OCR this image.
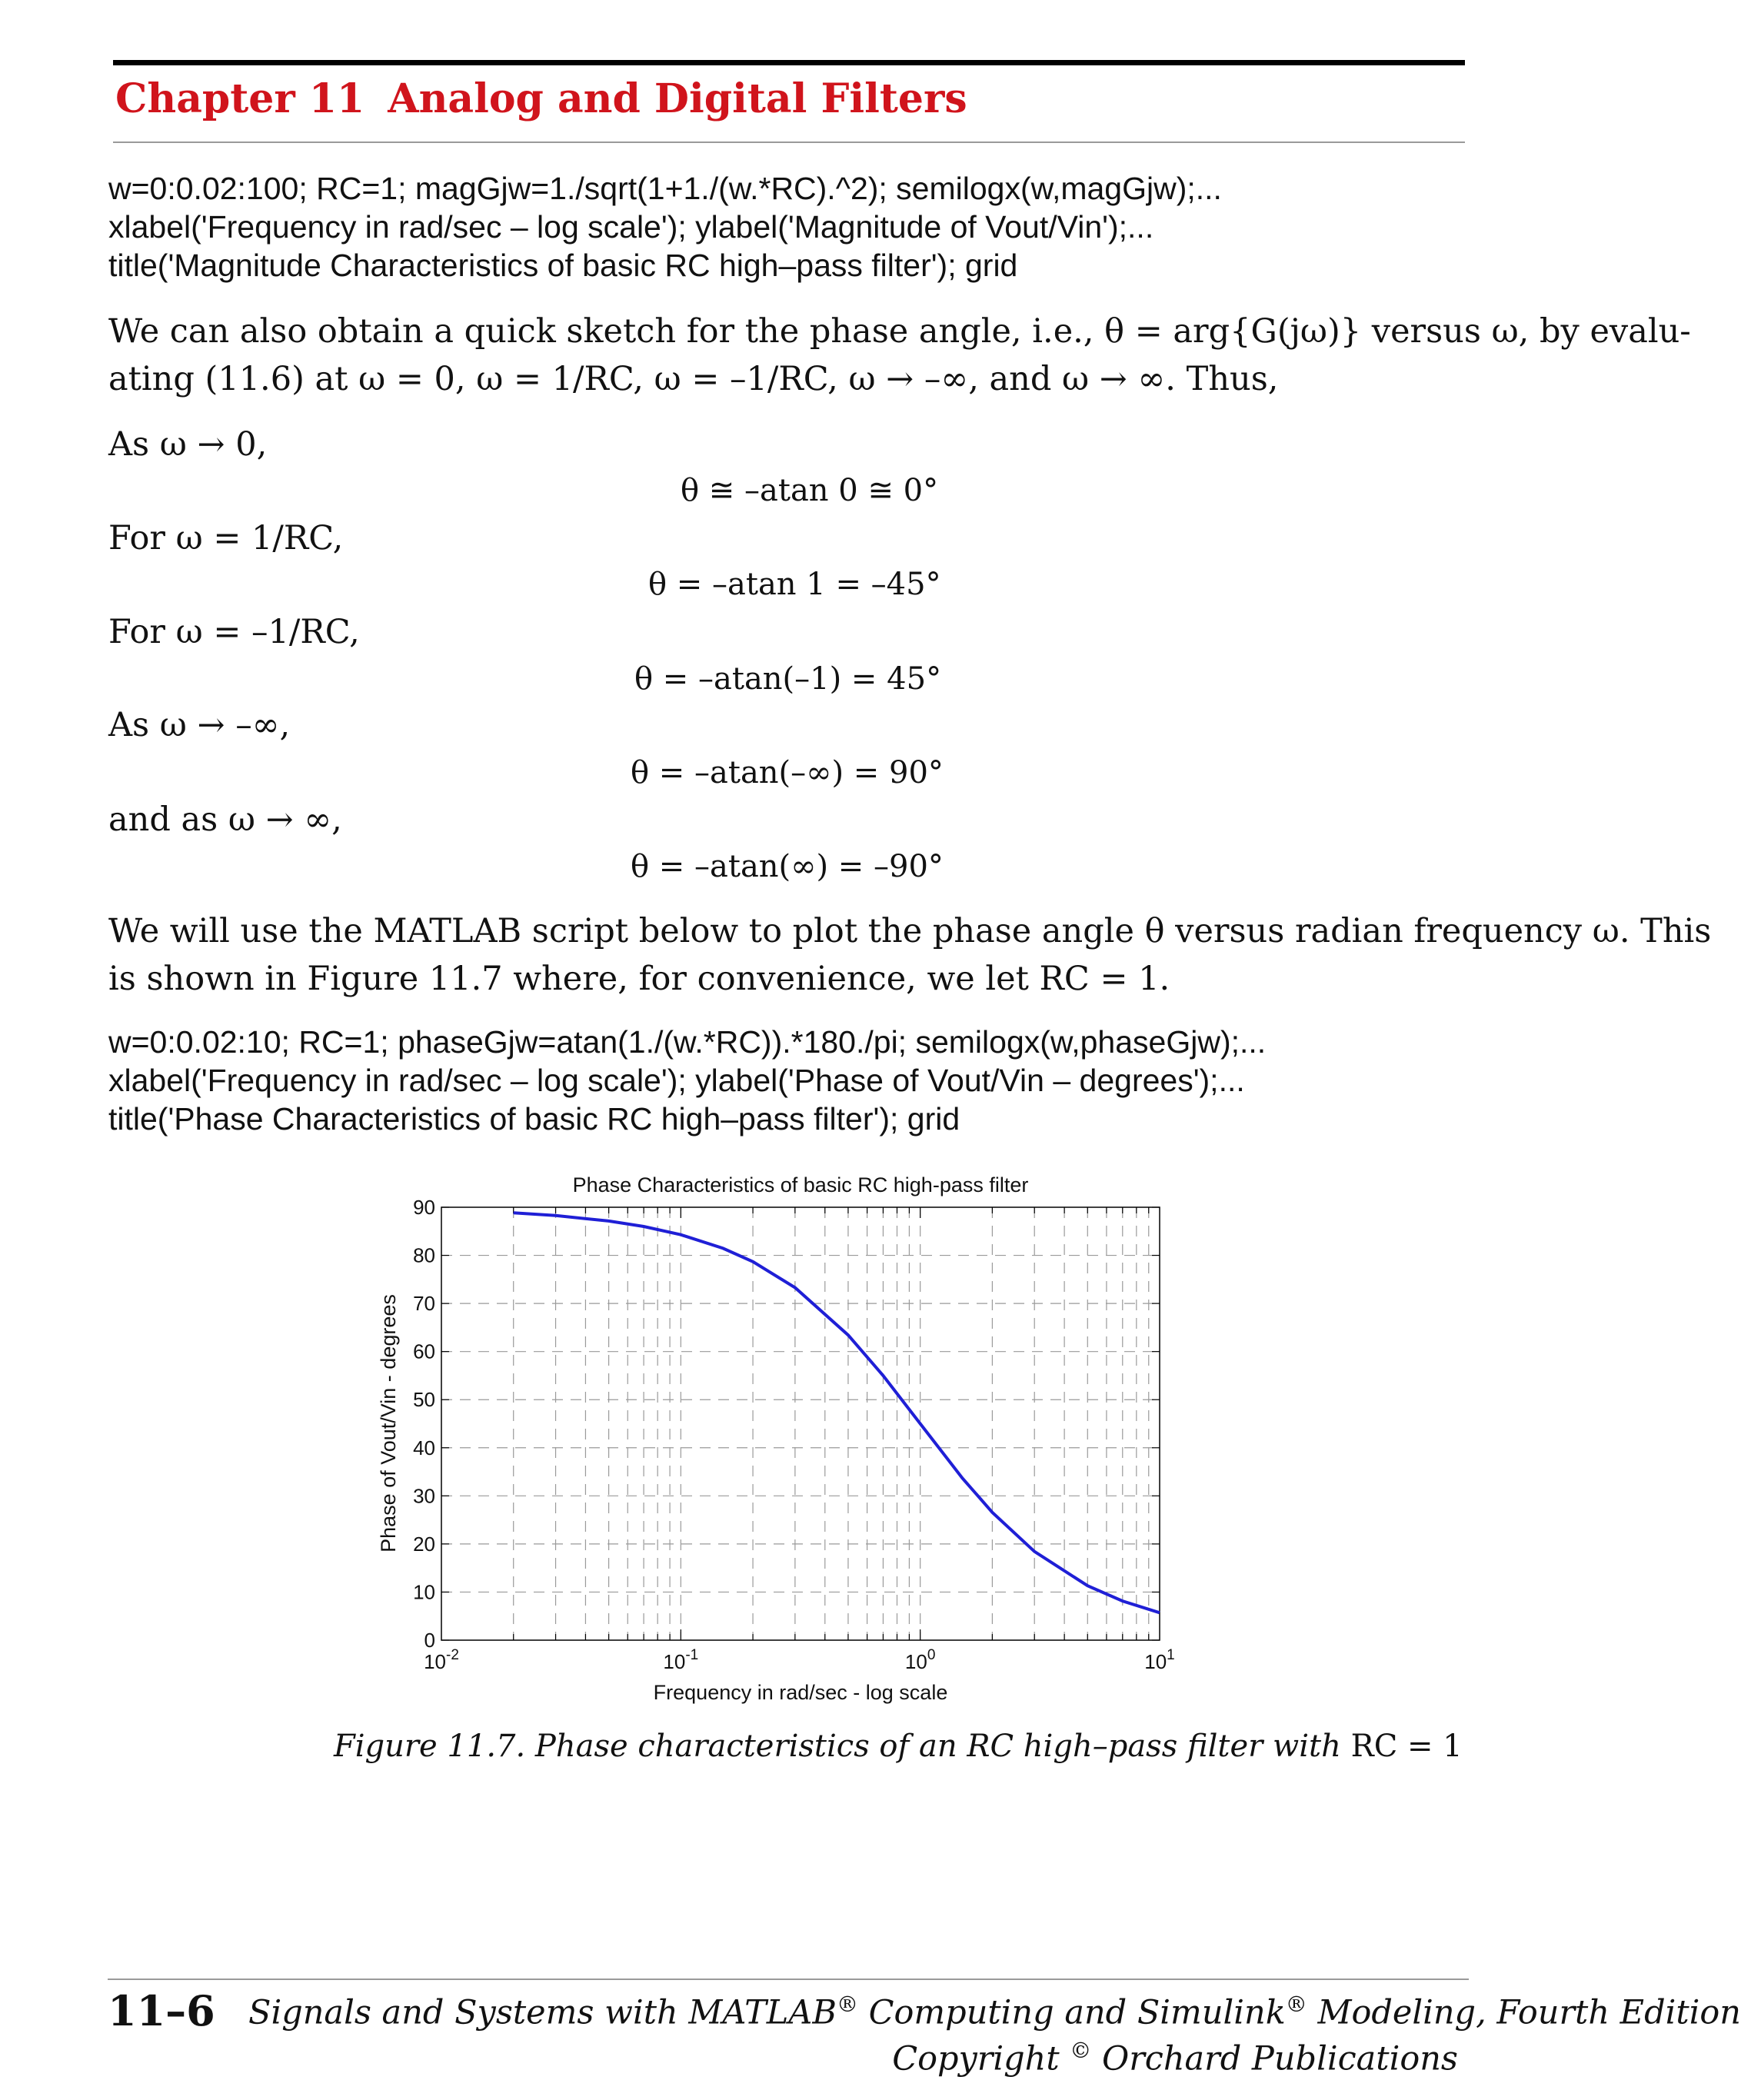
Chapter 11 Analog and Digital Filters
w=0:0.02:100; RC=1; magGjw=1./sqrt(1+1./(w.*RC).^2); semilogx(w,magGjw);...
xlabel('Frequency in rad/sec – log scale'); ylabel('Magnitude of Vout/Vin');...
title('Magnitude Characteristics of basic RC high–pass filter'); grid
We can also obtain a quick sketch for the phase angle, i.e., θ = arg{G(jω)} versus ω, by evalu-
ating (11.6) at ω = 0, ω = 1/RC, ω = –1/RC, ω → –∞, and ω → ∞. Thus,
As ω → 0,
θ ≅ –atan 0 ≅ 0°
For ω = 1/RC,
θ = –atan 1 = –45°
For ω = –1/RC,
θ = –atan(–1) = 45°
As ω → –∞,
θ = –atan(–∞) = 90°
and as ω → ∞,
θ = –atan(∞) = –90°
We will use the MATLAB script below to plot the phase angle θ versus radian frequency ω. This
is shown in Figure 11.7 where, for convenience, we let RC = 1.
w=0:0.02:10; RC=1; phaseGjw=atan(1./(w.*RC)).*180./pi; semilogx(w,phaseGjw);...
xlabel('Frequency in rad/sec – log scale'); ylabel('Phase of Vout/Vin – degrees');...
title('Phase Characteristics of basic RC high–pass filter'); grid
0
10
20
30
40
50
60
70
80
90
$10^{-2}$	$10^{-1}$	$10^0$	$10^1$
Phase Characteristics of basic RC high-pass filter
Frequency in rad/sec - log scale
Phase of Vout/Vin - degrees
Figure 11.7. Phase characteristics of an RC high–pass filter with RC = 1
11–6 Signals and Systems with MATLAB® Computing and Simulink® Modeling, Fourth Edition
Copyright © Orchard Publications
